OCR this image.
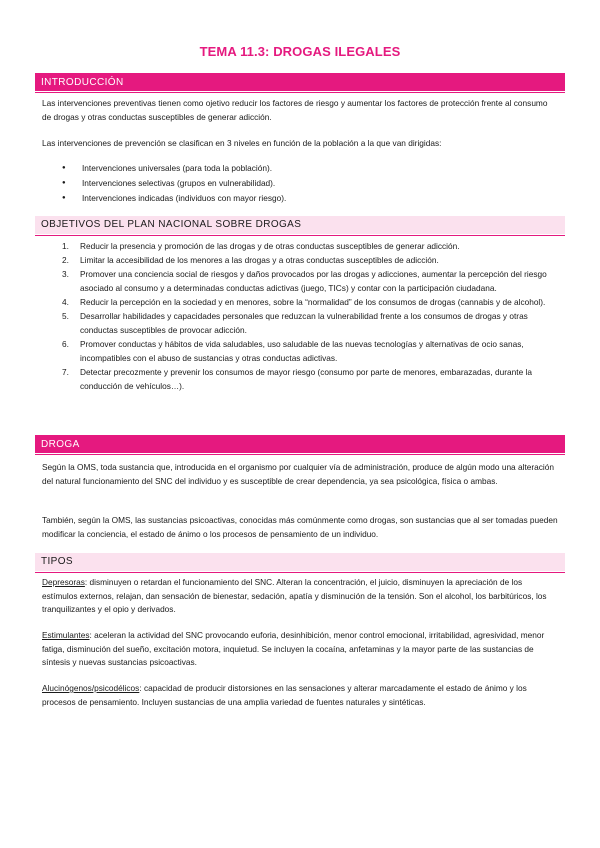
TEMA 11.3: DROGAS ILEGALES
INTRODUCCIÓN

Las intervenciones preventivas tienen como ojetivo reducir los factores de riesgo y aumentar los factores de protección frente al consumo de drogas y otras conductas susceptibles de generar adicción.

Las intervenciones de prevención se clasifican en 3 niveles en función de la población a la que van dirigidas:

● Intervenciones universales (para toda la población).
● Intervenciones selectivas (grupos en vulnerabilidad).
● Intervenciones indicadas (individuos con mayor riesgo).
OBJETIVOS DEL PLAN NACIONAL SOBRE DROGAS
1. Reducir la presencia y promoción de las drogas y de otras conductas susceptibles de generar adicción.
2. Limitar la accesibilidad de los menores a las drogas y a otras conductas susceptibles de adicción.
3. Promover una conciencia social de riesgos y daños provocados por las drogas y adicciones, aumentar la percepción del riesgo asociado al consumo y a determinadas conductas adictivas (juego, TICs) y contar con la participación ciudadana.
4. Reducir la percepción en la sociedad y en menores, sobre la “normalidad” de los consumos de drogas (cannabis y de alcohol).
5. Desarrollar habilidades y capacidades personales que reduzcan la vulnerabilidad frente a los consumos de drogas y otras conductas susceptibles de provocar adicción.
6. Promover conductas y hábitos de vida saludables, uso saludable de las nuevas tecnologías y alternativas de ocio sanas, incompatibles con el abuso de sustancias y otras conductas adictivas.
7. Detectar precozmente y prevenir los consumos de mayor riesgo (consumo por parte de menores, embarazadas, durante la conducción de vehículos…).
DROGA

Según la OMS, toda sustancia que, introducida en el organismo por cualquier vía de administración, produce de algún modo una alteración del natural funcionamiento del SNC del individuo y es susceptible de crear dependencia, ya sea psicológica, física o ambas.

También, según la OMS, las sustancias psicoactivas, conocidas más comúnmente como drogas, son sustancias que al ser tomadas pueden modificar la conciencia, el estado de ánimo o los procesos de pensamiento de un individuo.

TIPOS

Depresoras: disminuyen o retardan el funcionamiento del SNC. Alteran la concentración, el juicio, disminuyen la apreciación de los estímulos externos, relajan, dan sensación de bienestar, sedación, apatía y disminución de la tensión. Son el alcohol, los barbitúricos, los tranquilizantes y el opio y derivados.

Estimulantes: aceleran la actividad del SNC provocando euforia, desinhibición, menor control emocional, irritabilidad, agresividad, menor fatiga, disminución del sueño, excitación motora, inquietud. Se incluyen la cocaína, anfetaminas y la mayor parte de las sustancias de síntesis y nuevas sustancias psicoactivas.

Alucinógenos/psicodélicos: capacidad de producir distorsiones en las sensaciones y alterar marcadamente el estado de ánimo y los procesos de pensamiento. Incluyen sustancias de una amplia variedad de fuentes naturales y sintéticas.
